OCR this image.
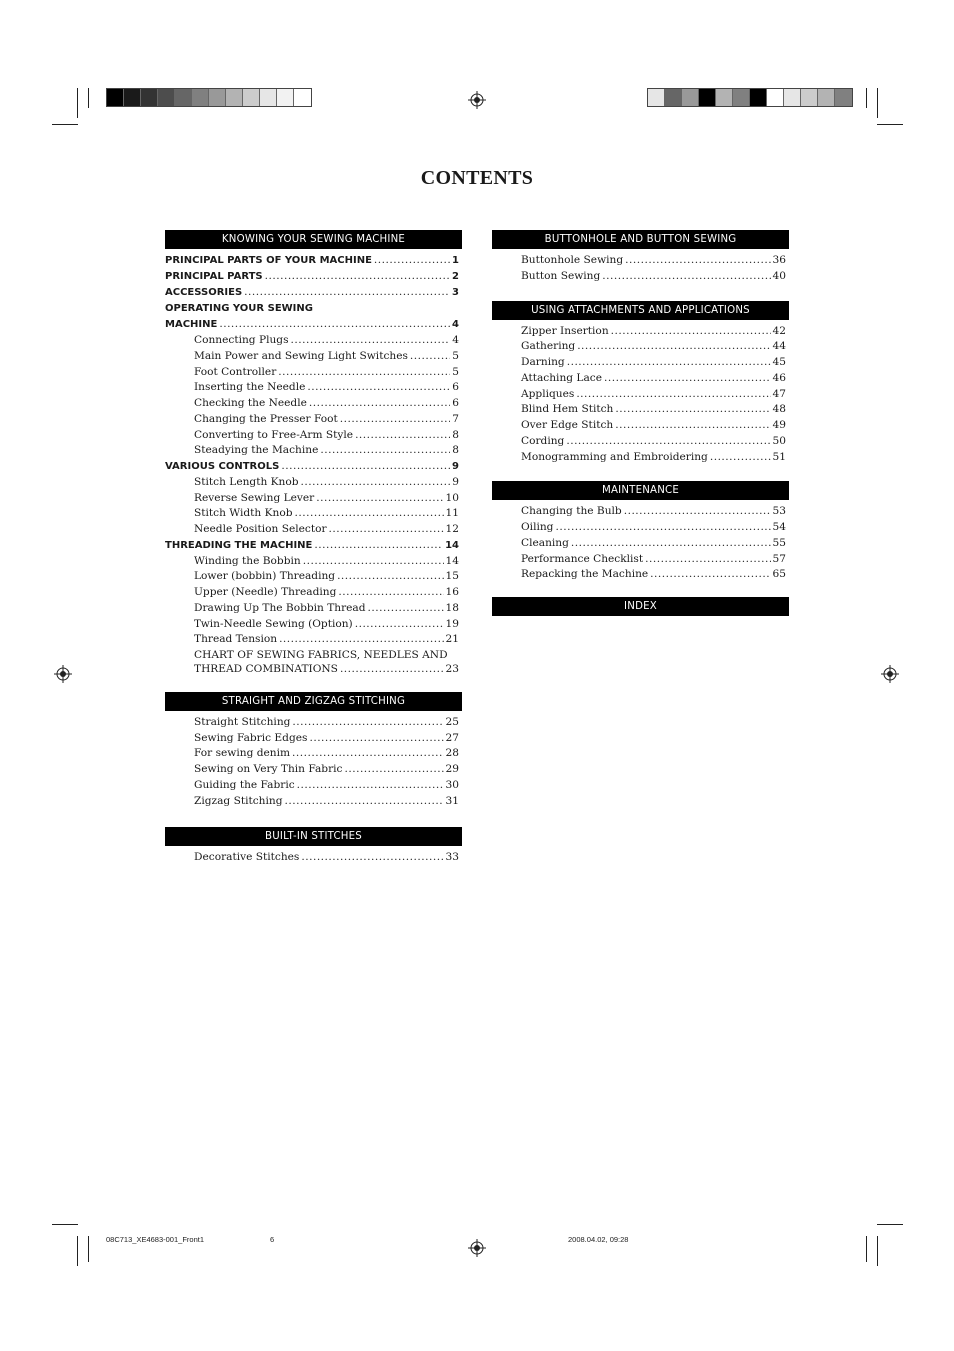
CONTENTS
KNOWING YOUR SEWING MACHINE
PRINCIPAL PARTS OF YOUR MACHINE .....	1
PRINCIPAL PARTS .....	2
ACCESSORIES .....	3
OPERATING YOUR SEWING
MACHINE .....	4
Connecting Plugs .....	4
Main Power and Sewing Light Switches .....	5
Foot Controller .....	5
Inserting the Needle .....	6
Checking the Needle .....	6
Changing the Presser Foot .....	7
Converting to Free-Arm Style .....	8
Steadying the Machine .....	8
VARIOUS CONTROLS .....	9
Stitch Length Knob .....	9
Reverse Sewing Lever .....	10
Stitch Width Knob .....	11
Needle Position Selector .....	12
THREADING THE MACHINE .....	14
Winding the Bobbin .....	14
Lower (bobbin) Threading .....	15
Upper (Needle) Threading .....	16
Drawing Up The Bobbin Thread .....	18
Twin-Needle Sewing (Option) .....	19
Thread Tension .....	21
CHART OF SEWING FABRICS, NEEDLES AND
THREAD COMBINATIONS .....	23
STRAIGHT AND ZIGZAG STITCHING
Straight Stitching .....	25
Sewing Fabric Edges .....	27
For sewing denim .....	28
Sewing on Very Thin Fabric .....	29
Guiding the Fabric .....	30
Zigzag Stitching .....	31
BUILT-IN STITCHES
Decorative Stitches .....	33
BUTTONHOLE AND BUTTON SEWING
Buttonhole Sewing .....	36
Button Sewing .....	40
USING ATTACHMENTS AND APPLICATIONS
Zipper Insertion .....	42
Gathering .....	44
Darning .....	45
Attaching Lace .....	46
Appliques .....	47
Blind Hem Stitch .....	48
Over Edge Stitch .....	49
Cording .....	50
Monogramming and Embroidering .....	51
MAINTENANCE
Changing the Bulb .....	53
Oiling .....	54
Cleaning .....	55
Performance Checklist .....	57
Repacking the Machine .....	65
INDEX
08C713_XE4683-001_Front1	6	2008.04.02, 09:28
